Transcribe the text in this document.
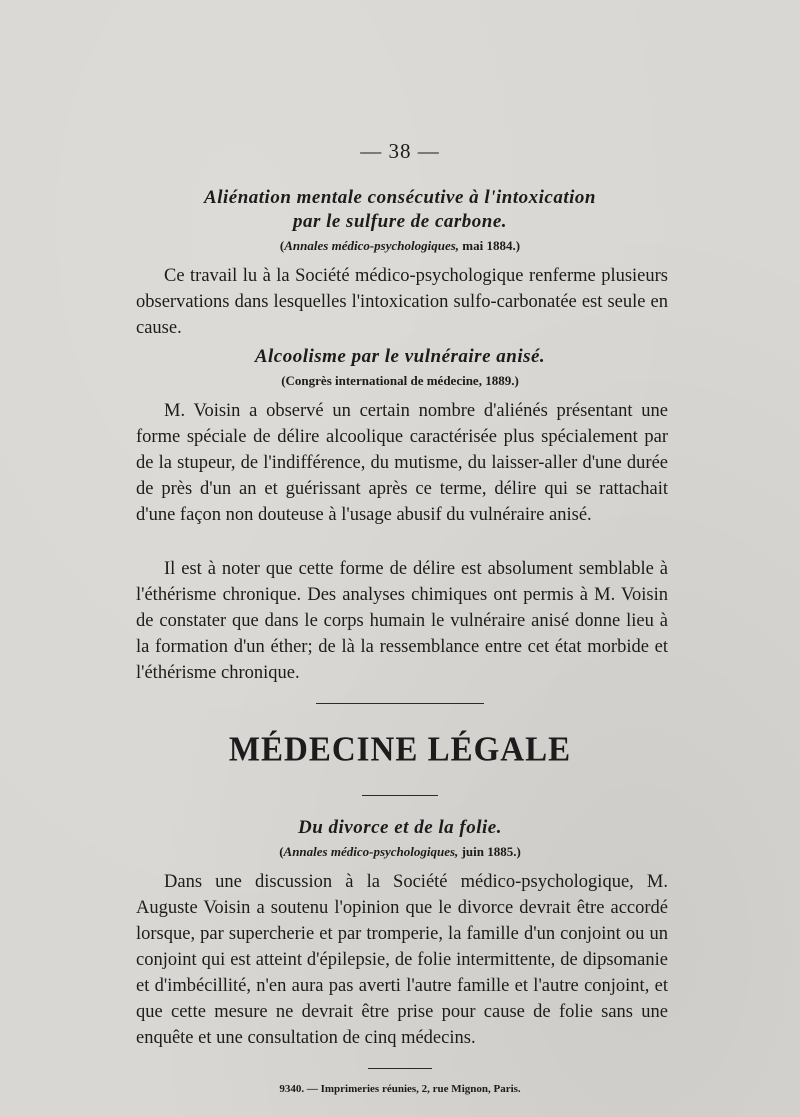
— 38 —
Aliénation mentale consécutive à l'intoxication
par le sulfure de carbone.
(Annales médico-psychologiques, mai 1884.)

Ce travail lu à la Société médico-psychologique renferme plusieurs observations dans lesquelles l'intoxication sulfo-carbonatée est seule en cause.

Alcoolisme par le vulnéraire anisé.
(Congrès international de médecine, 1889.)

M. Voisin a observé un certain nombre d'aliénés présentant une forme spéciale de délire alcoolique caractérisée plus spécialement par de la stupeur, de l'indifférence, du mutisme, du laisser-aller d'une durée de près d'un an et guérissant après ce terme, délire qui se rattachait d'une façon non douteuse à l'usage abusif du vulnéraire anisé.

Il est à noter que cette forme de délire est absolument semblable à l'éthérisme chronique. Des analyses chimiques ont permis à M. Voisin de constater que dans le corps humain le vulnéraire anisé donne lieu à la formation d'un éther; de là la ressemblance entre cet état morbide et l'éthérisme chronique.

MÉDECINE LÉGALE
Du divorce et de la folie.
(Annales médico-psychologiques, juin 1885.)

Dans une discussion à la Société médico-psychologique, M. Auguste Voisin a soutenu l'opinion que le divorce devrait être accordé lorsque, par supercherie et par tromperie, la famille d'un conjoint ou un conjoint qui est atteint d'épilepsie, de folie intermittente, de dipsomanie et d'imbécillité, n'en aura pas averti l'autre famille et l'autre conjoint, et que cette mesure ne devrait être prise pour cause de folie sans une enquête et une consultation de cinq médecins.

9340. — Imprimeries réunies, 2, rue Mignon, Paris.
